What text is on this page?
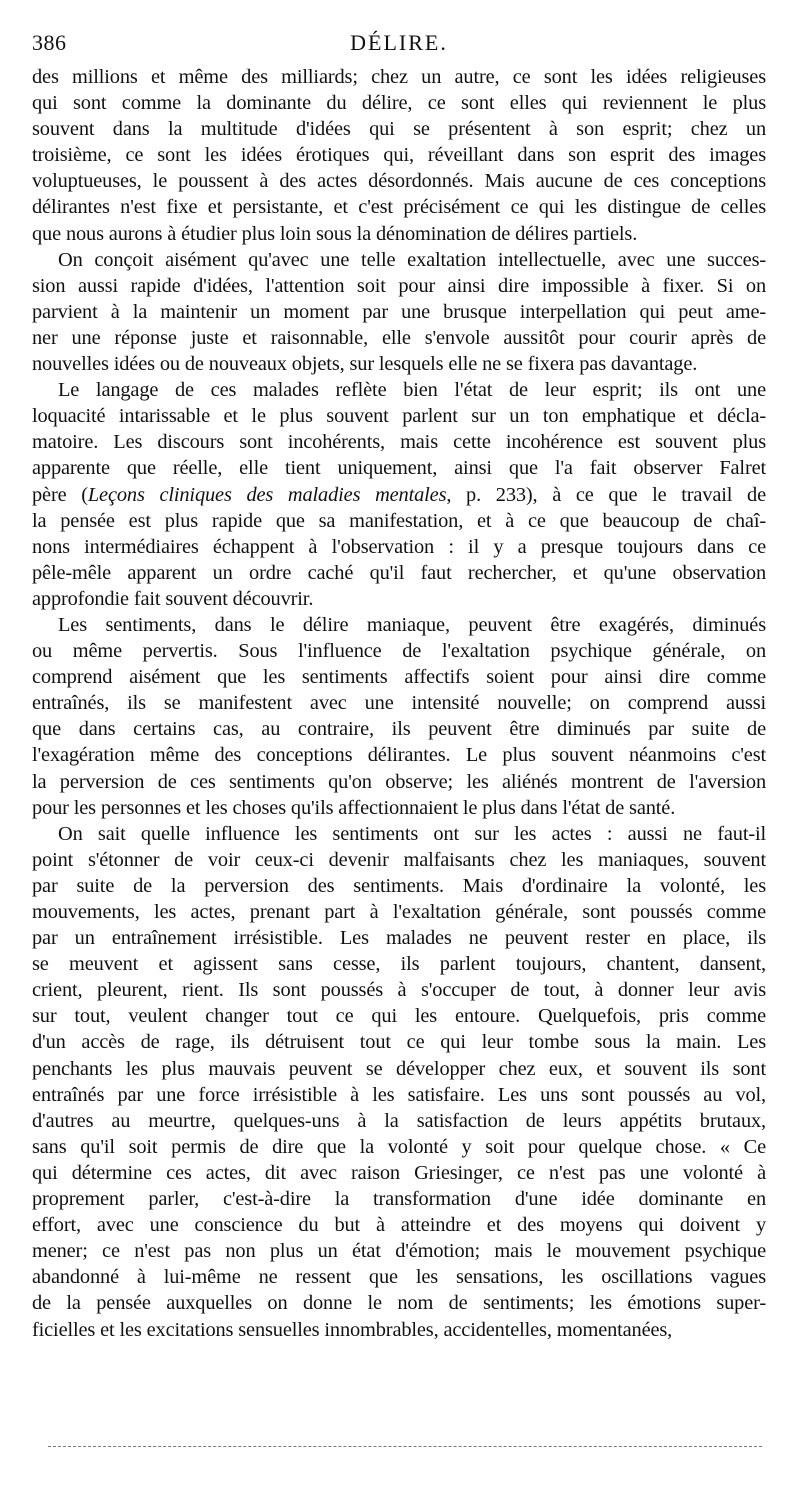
386	DÉLIRE.
des millions et même des milliards; chez un autre, ce sont les idées religieuses
qui sont comme la dominante du délire, ce sont elles qui reviennent le plus
souvent dans la multitude d'idées qui se présentent à son esprit; chez un
troisième, ce sont les idées érotiques qui, réveillant dans son esprit des images
voluptueuses, le poussent à des actes désordonnés. Mais aucune de ces conceptions
délirantes n'est fixe et persistante, et c'est précisément ce qui les distingue de celles
que nous aurons à étudier plus loin sous la dénomination de délires partiels.
On conçoit aisément qu'avec une telle exaltation intellectuelle, avec une succes-
sion aussi rapide d'idées, l'attention soit pour ainsi dire impossible à fixer. Si on
parvient à la maintenir un moment par une brusque interpellation qui peut ame-
ner une réponse juste et raisonnable, elle s'envole aussitôt pour courir après de
nouvelles idées ou de nouveaux objets, sur lesquels elle ne se fixera pas davantage.
Le langage de ces malades reflète bien l'état de leur esprit; ils ont une
loquacité intarissable et le plus souvent parlent sur un ton emphatique et décla-
matoire. Les discours sont incohérents, mais cette incohérence est souvent plus
apparente que réelle, elle tient uniquement, ainsi que l'a fait observer Falret
père (Leçons cliniques des maladies mentales, p. 233), à ce que le travail de
la pensée est plus rapide que sa manifestation, et à ce que beaucoup de chaî-
nons intermédiaires échappent à l'observation : il y a presque toujours dans ce
pêle-mêle apparent un ordre caché qu'il faut rechercher, et qu'une observation
approfondie fait souvent découvrir.
Les sentiments, dans le délire maniaque, peuvent être exagérés, diminués
ou même pervertis. Sous l'influence de l'exaltation psychique générale, on
comprend aisément que les sentiments affectifs soient pour ainsi dire comme
entraînés, ils se manifestent avec une intensité nouvelle; on comprend aussi
que dans certains cas, au contraire, ils peuvent être diminués par suite de
l'exagération même des conceptions délirantes. Le plus souvent néanmoins c'est
la perversion de ces sentiments qu'on observe; les aliénés montrent de l'aversion
pour les personnes et les choses qu'ils affectionnaient le plus dans l'état de santé.
On sait quelle influence les sentiments ont sur les actes : aussi ne faut-il
point s'étonner de voir ceux-ci devenir malfaisants chez les maniaques, souvent
par suite de la perversion des sentiments. Mais d'ordinaire la volonté, les
mouvements, les actes, prenant part à l'exaltation générale, sont poussés comme
par un entraînement irrésistible. Les malades ne peuvent rester en place, ils
se meuvent et agissent sans cesse, ils parlent toujours, chantent, dansent,
crient, pleurent, rient. Ils sont poussés à s'occuper de tout, à donner leur avis
sur tout, veulent changer tout ce qui les entoure. Quelquefois, pris comme
d'un accès de rage, ils détruisent tout ce qui leur tombe sous la main. Les
penchants les plus mauvais peuvent se développer chez eux, et souvent ils sont
entraînés par une force irrésistible à les satisfaire. Les uns sont poussés au vol,
d'autres au meurtre, quelques-uns à la satisfaction de leurs appétits brutaux,
sans qu'il soit permis de dire que la volonté y soit pour quelque chose. « Ce
qui détermine ces actes, dit avec raison Griesinger, ce n'est pas une volonté à
proprement parler, c'est-à-dire la transformation d'une idée dominante en
effort, avec une conscience du but à atteindre et des moyens qui doivent y
mener; ce n'est pas non plus un état d'émotion; mais le mouvement psychique
abandonné à lui-même ne ressent que les sensations, les oscillations vagues
de la pensée auxquelles on donne le nom de sentiments; les émotions super-
ficielles et les excitations sensuelles innombrables, accidentelles, momentanées,
